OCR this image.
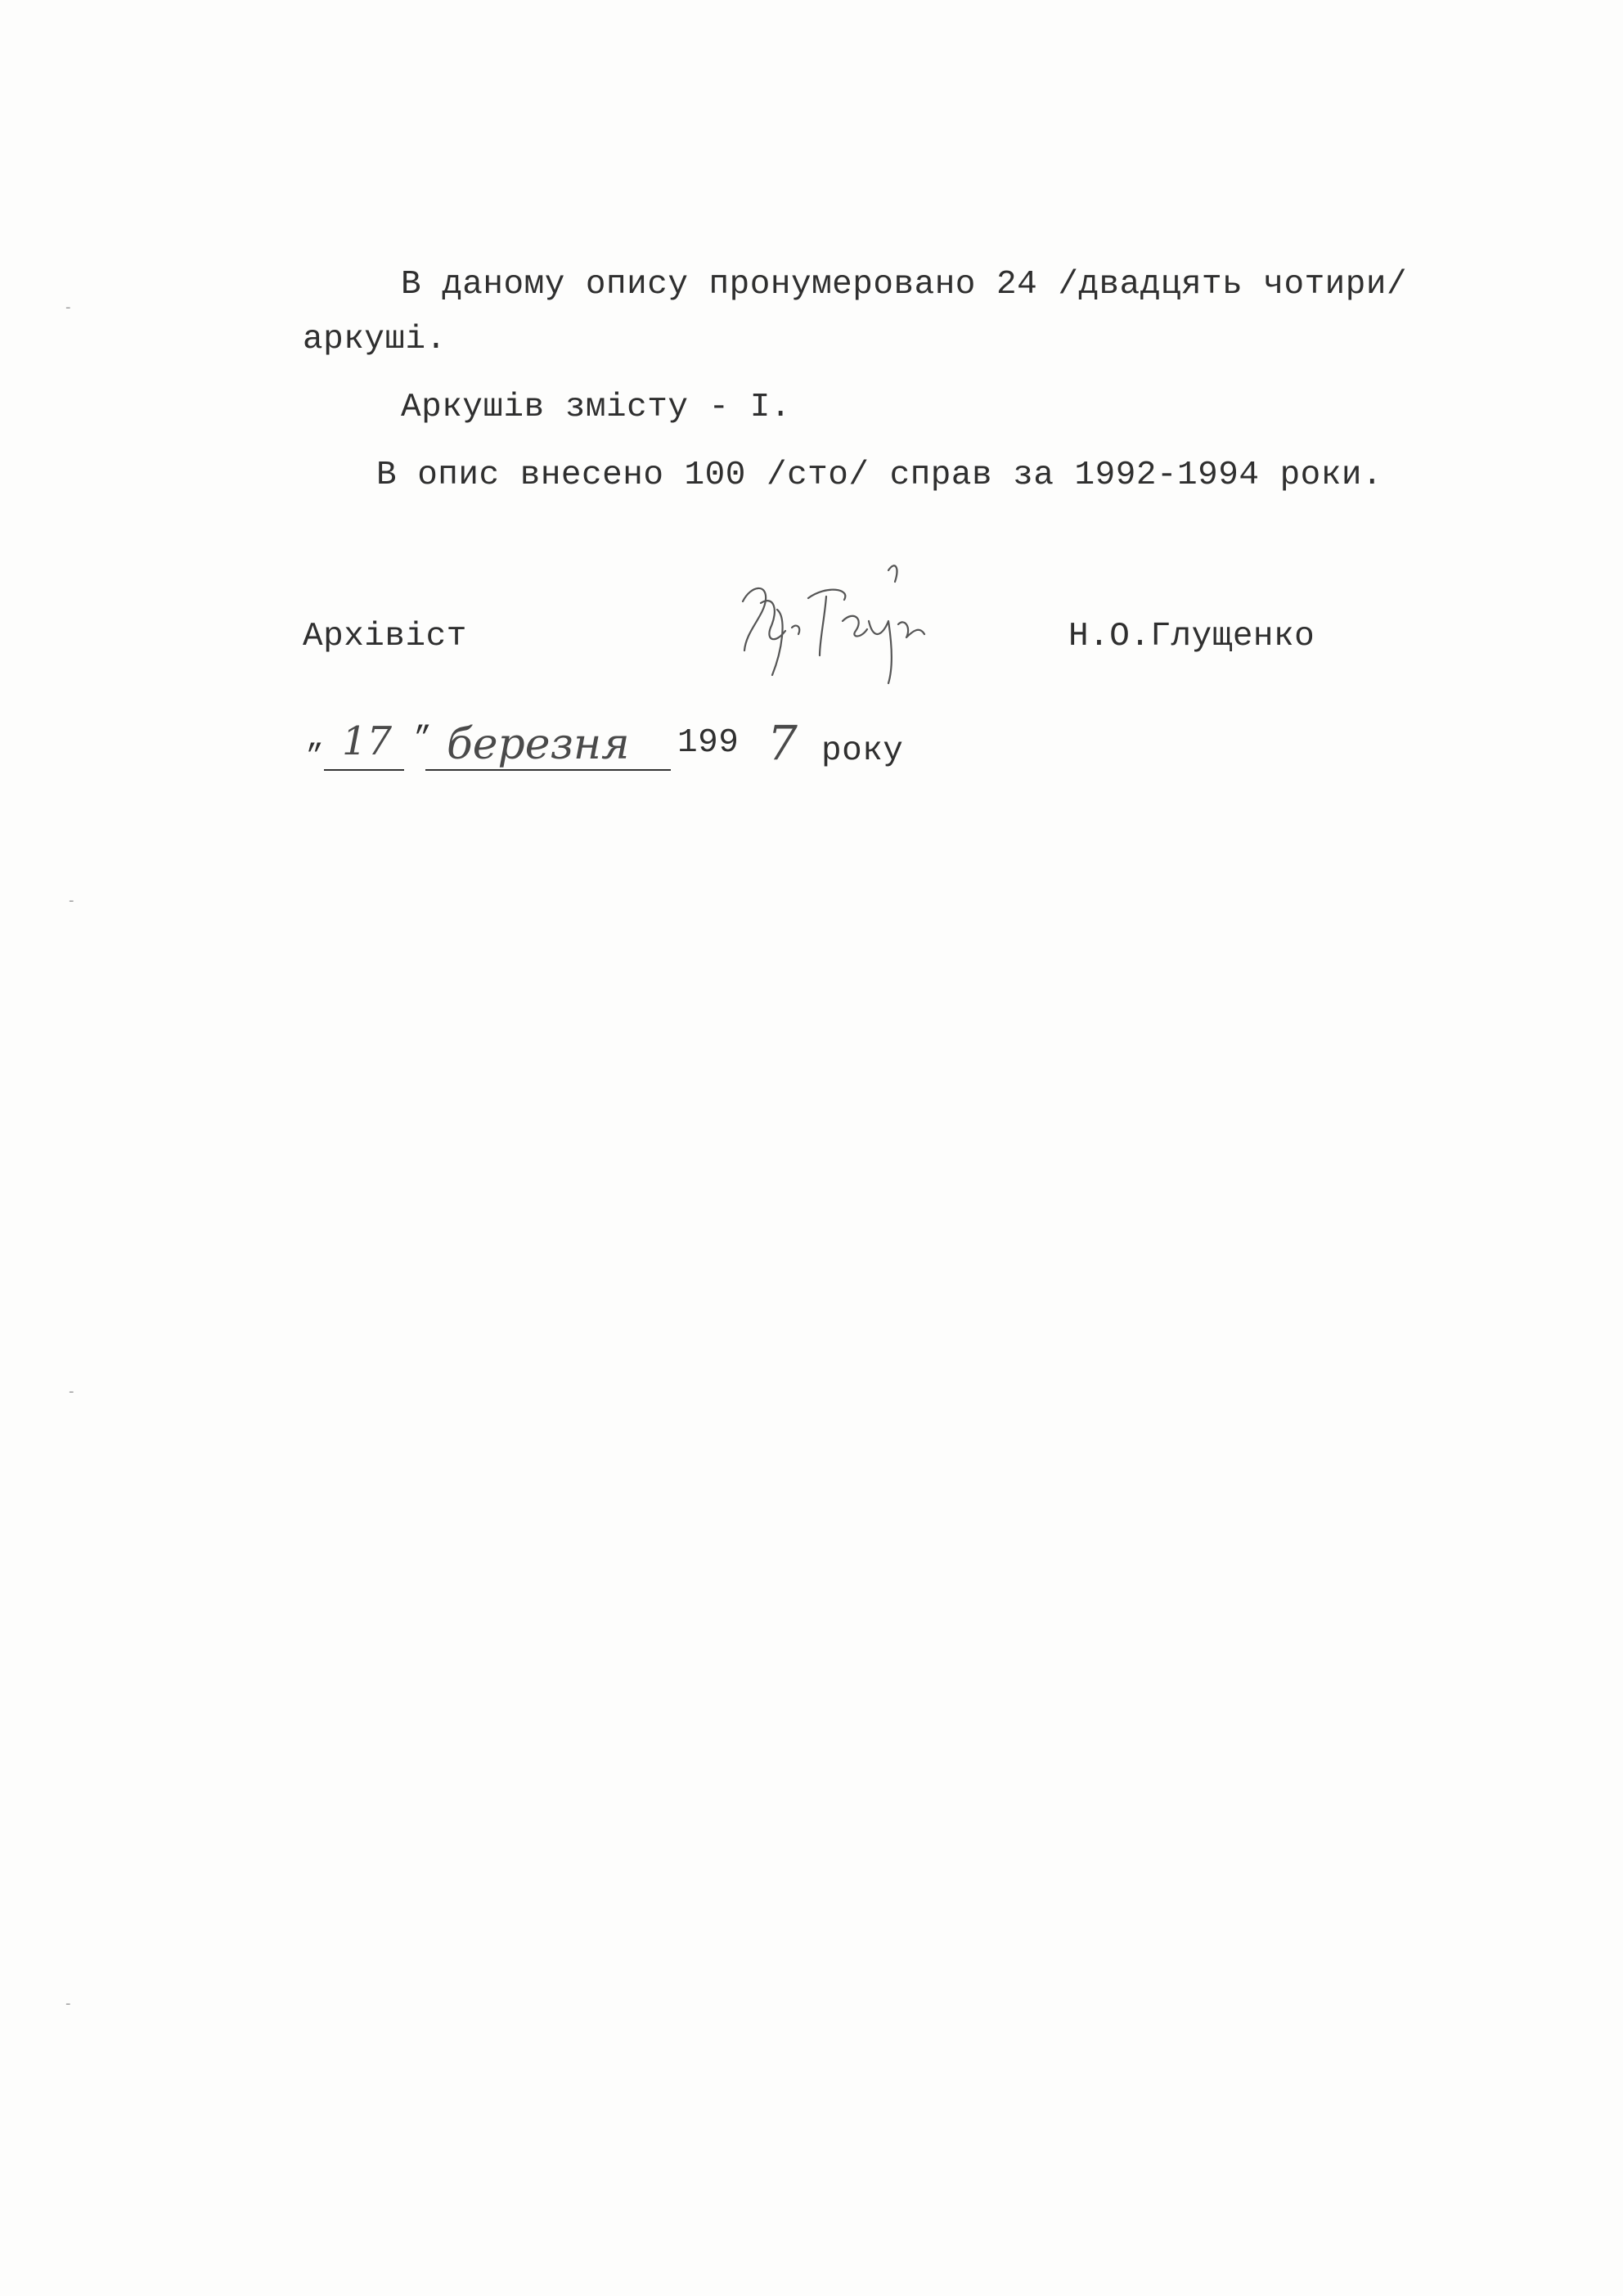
В даному опису пронумеровано 24 /двадцять чотири/
аркуші.
Аркушів змісту - I.
В опис внесено 100 /сто/ справ за 1992-1994 роки.
Архівіст	Н.О.Глущенко
„ 17 ” березня 199 7 року
-
-
-
-
